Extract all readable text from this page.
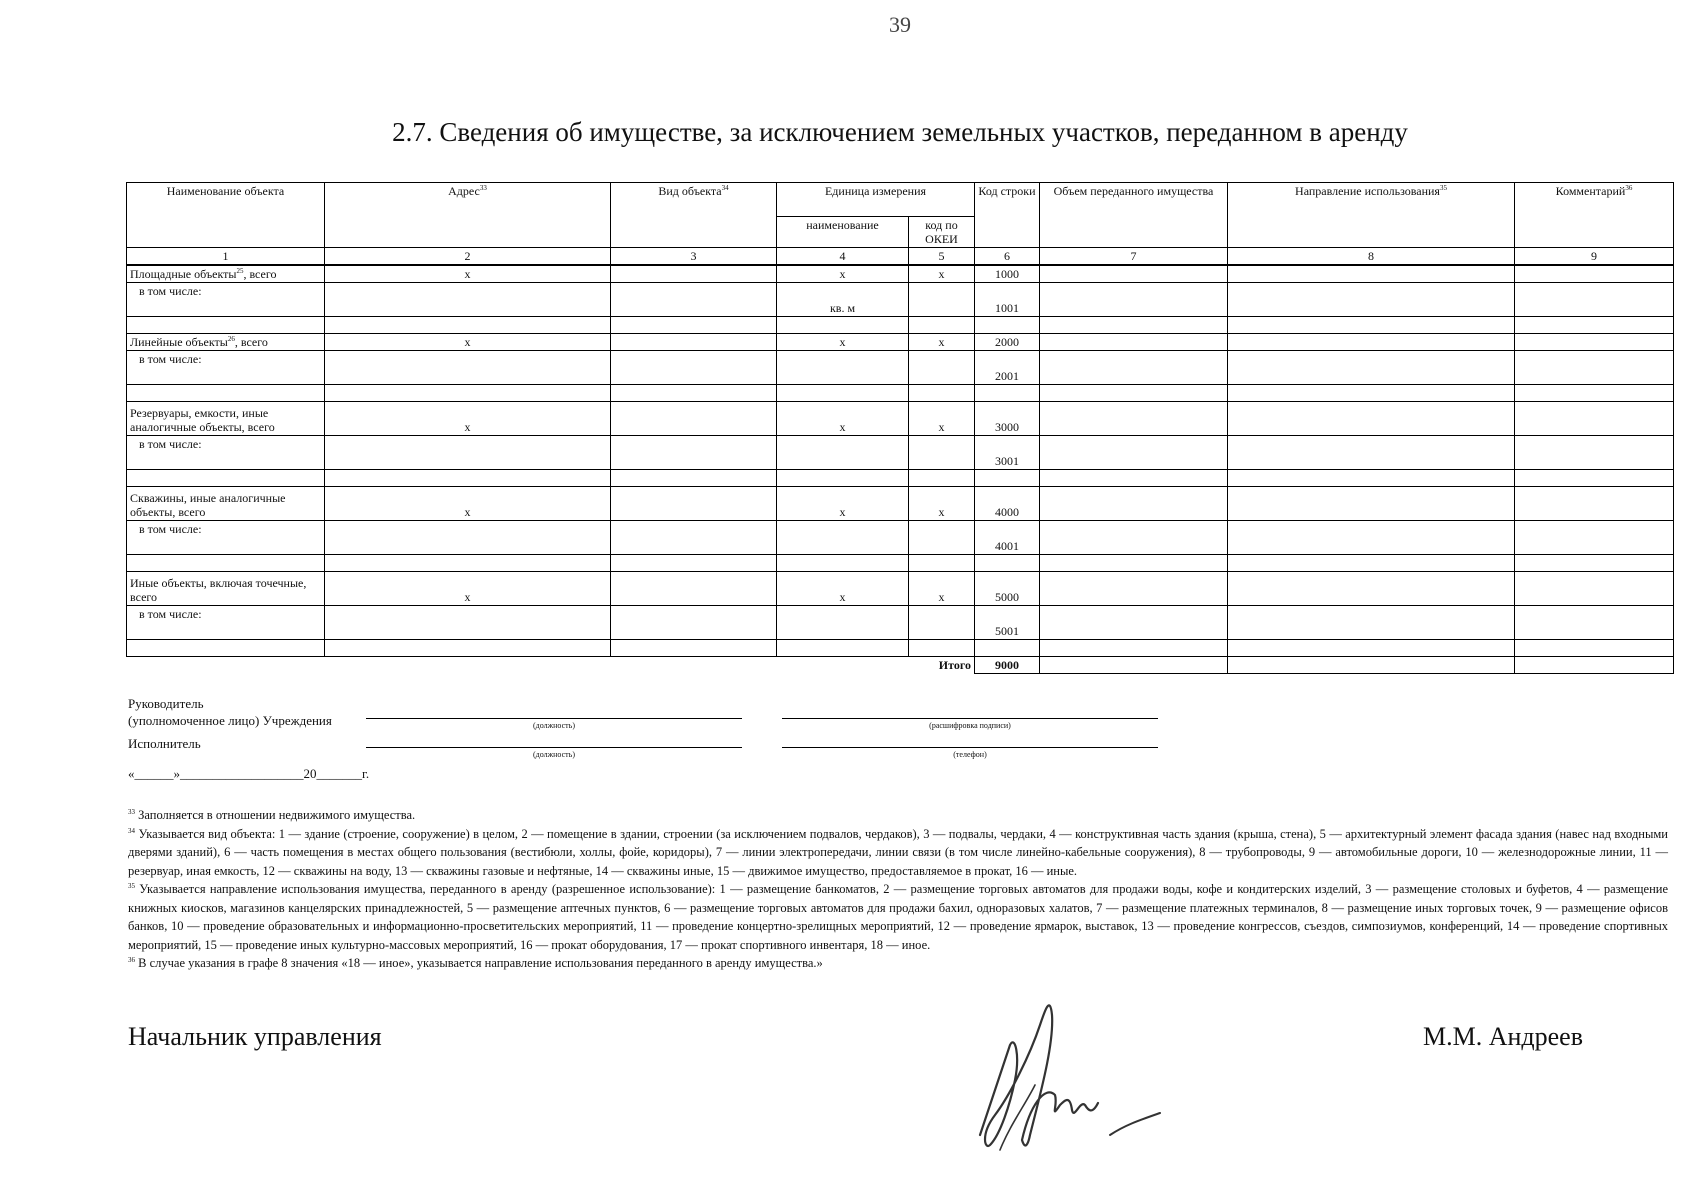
39
2.7. Сведения об имуществе, за исключением земельных участков, переданном в аренду
Наименование объекта	Адрес$^{33}$	Вид объекта$^{34}$	Единица измерения		Код строки	Объем переданного имущества	Направление использования$^{35}$	Комментарий$^{36}$
			наименование	код по ОКЕИ				
1	2	3	4	5	6	7	8	9
Площадные объекты$^{25}$, всего	х		х	х	1000			
в том числе:			кв. м		1001			

Линейные объекты$^{26}$, всего	х		х	х	2000			
в том числе:					2001			

Резервуары, емкости, иные аналогичные объекты, всего	х		х	х	3000			
в том числе:					3001			

Скважины, иные аналогичные объекты, всего	х		х	х	4000			
в том числе:					4001			

Иные объекты, включая точечные, всего	х		х	х	5000			
в том числе:					5001			

Итого					9000			
Руководитель
(уполномоченное лицо) Учреждения	(должность)	(расшифровка подписи)
Исполнитель
(должность)	(телефон)
«______»___________________20_______г.

$^{33}$ Заполняется в отношении недвижимого имущества.

$^{34}$ Указывается вид объекта: 1 — здание (строение, сооружение) в целом, 2 — помещение в здании, строении (за исключением подвалов, чердаков), 3 — подвалы, чердаки, 4 — конструктивная часть здания (крыша, стена), 5 — архитектурный элемент фасада здания (навес над входными дверями зданий), 6 — часть помещения в местах общего пользования (вестибюли, холлы, фойе, коридоры), 7 — линии электропередачи, линии связи (в том числе линейно-кабельные сооружения), 8 — трубопроводы, 9 — автомобильные дороги, 10 — железнодорожные линии, 11 — резервуар, иная емкость, 12 — скважины на воду, 13 — скважины газовые и нефтяные, 14 — скважины иные, 15 — движимое имущество, предоставляемое в прокат, 16 — иные.

$^{35}$ Указывается направление использования имущества, переданного в аренду (разрешенное использование): 1 — размещение банкоматов, 2 — размещение торговых автоматов для продажи воды, кофе и кондитерских изделий, 3 — размещение столовых и буфетов, 4 — размещение книжных киосков, магазинов канцелярских принадлежностей, 5 — размещение аптечных пунктов, 6 — размещение торговых автоматов для продажи бахил, одноразовых халатов, 7 — размещение платежных терминалов, 8 — размещение иных торговых точек, 9 — размещение офисов банков, 10 — проведение образовательных и информационно-просветительских мероприятий, 11 — проведение концертно-зрелищных мероприятий, 12 — проведение ярмарок, выставок, 13 — проведение конгрессов, съездов, симпозиумов, конференций, 14 — проведение спортивных мероприятий, 15 — проведение иных культурно-массовых мероприятий, 16 — прокат оборудования, 17 — прокат спортивного инвентаря, 18 — иное.

$^{36}$ В случае указания в графе 8 значения «18 — иное», указывается направление использования переданного в аренду имущества.»

Начальник управления	М.М. Андреев
